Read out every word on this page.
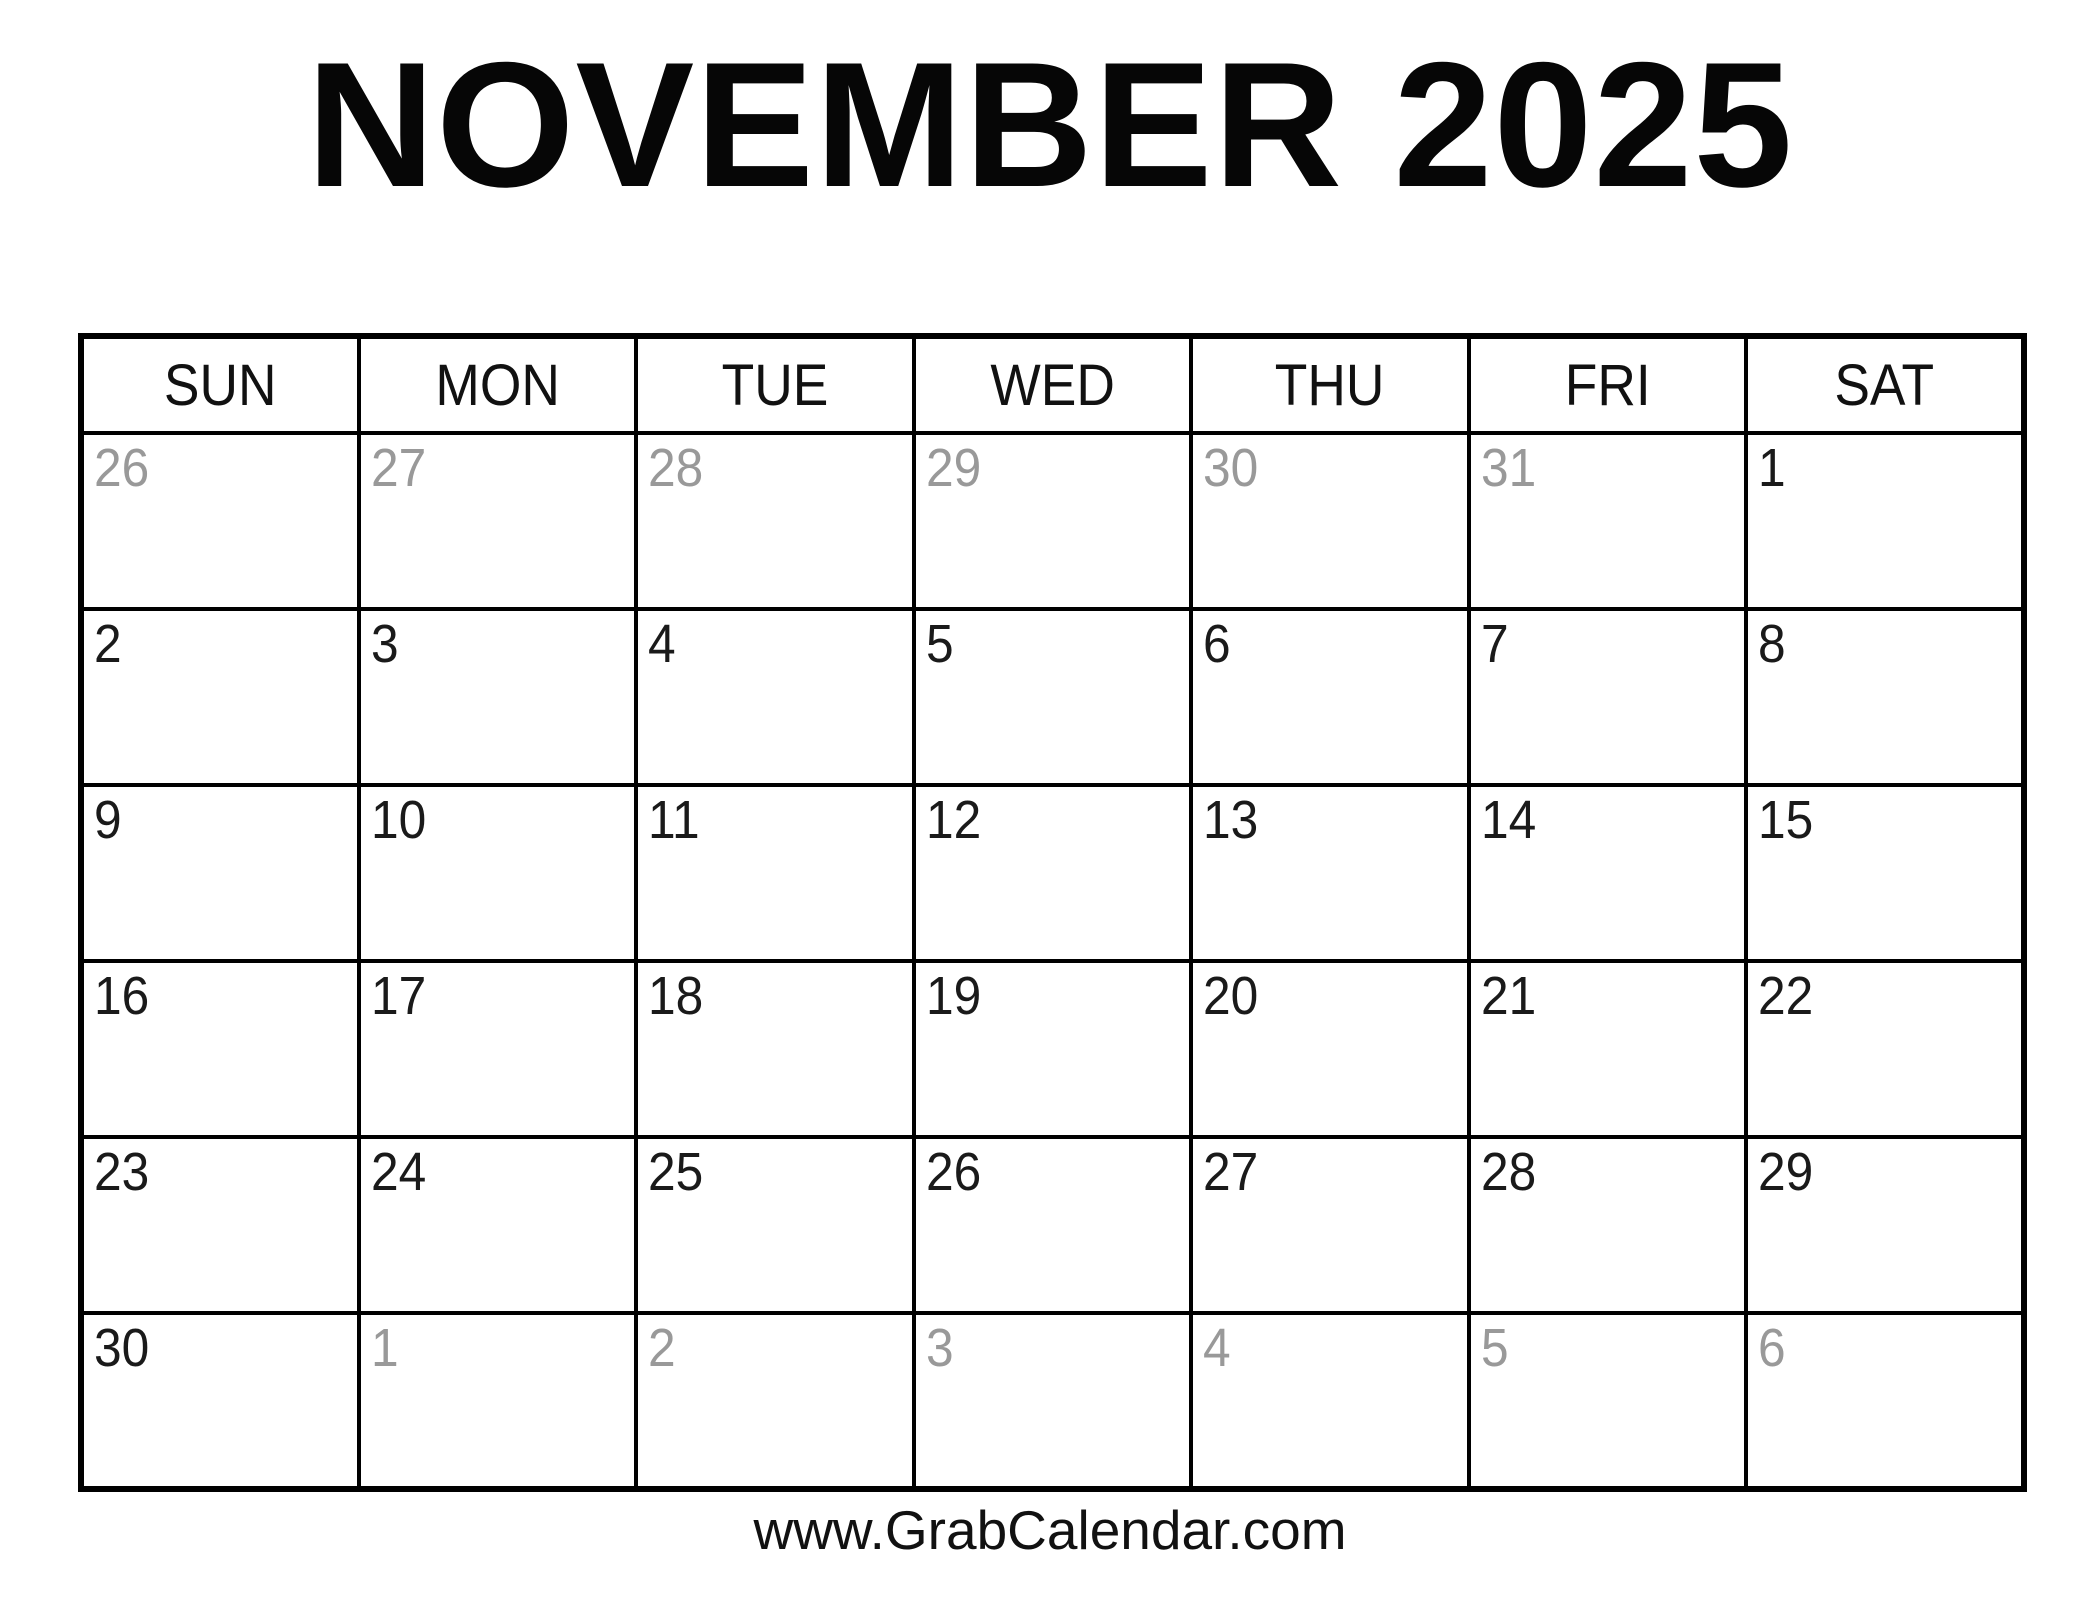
NOVEMBER 2025
SUN	MON	TUE	WED	THU	FRI	SAT
26	27	28	29	30	31	1
2	3	4	5	6	7	8
9	10	11	12	13	14	15
16	17	18	19	20	21	22
23	24	25	26	27	28	29
30	1	2	3	4	5	6
www.GrabCalendar.com
